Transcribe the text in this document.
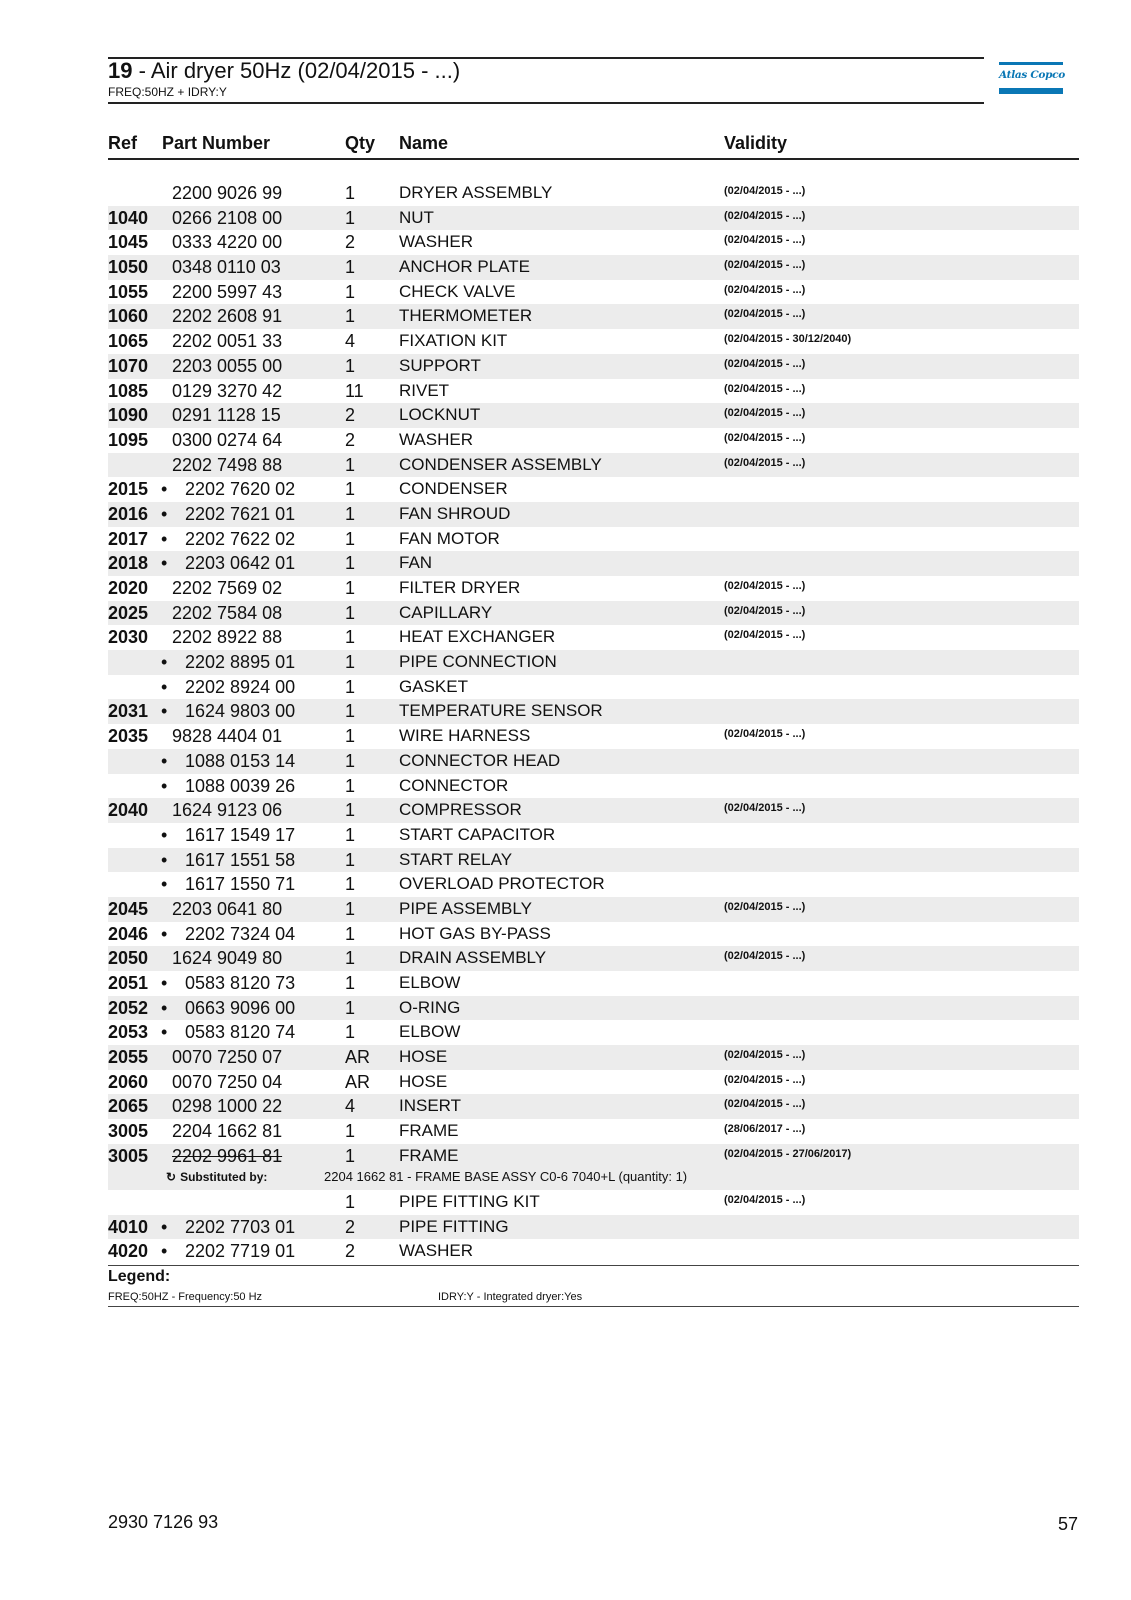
19 - Air dryer 50Hz (02/04/2015 - ...)
FREQ:50HZ + IDRY:Y
Atlas Copco
Ref Part Number	Qty Name	Validity
2200 9026 99	1	DRYER ASSEMBLY	(02/04/2015 - ...)
1040 0266 2108 00	1	NUT	(02/04/2015 - ...)
1045 0333 4220 00	2	WASHER	(02/04/2015 - ...)
1050 0348 0110 03	1	ANCHOR PLATE	(02/04/2015 - ...)
1055 2200 5997 43	1	CHECK VALVE	(02/04/2015 - ...)
1060 2202 2608 91	1	THERMOMETER	(02/04/2015 - ...)
1065 2202 0051 33	4	FIXATION KIT	(02/04/2015 - 30/12/2040)
1070 2203 0055 00	1	SUPPORT	(02/04/2015 - ...)
1085 0129 3270 42	11 RIVET	(02/04/2015 - ...)
1090 0291 1128 15	2	LOCKNUT	(02/04/2015 - ...)
1095 0300 0274 64	2	WASHER	(02/04/2015 - ...)
2202 7498 88	1	CONDENSER ASSEMBLY	(02/04/2015 - ...)
2015 • 2202 7620 02	1	CONDENSER
2016 • 2202 7621 01	1	FAN SHROUD
2017 • 2202 7622 02	1	FAN MOTOR
2018 • 2203 0642 01	1	FAN
2020 2202 7569 02	1	FILTER DRYER	(02/04/2015 - ...)
2025 2202 7584 08	1	CAPILLARY	(02/04/2015 - ...)
2030 2202 8922 88	1	HEAT EXCHANGER	(02/04/2015 - ...)
• 2202 8895 01	1	PIPE CONNECTION
• 2202 8924 00	1	GASKET
2031 • 1624 9803 00	1	TEMPERATURE SENSOR
2035 9828 4404 01	1	WIRE HARNESS	(02/04/2015 - ...)
• 1088 0153 14	1	CONNECTOR HEAD
• 1088 0039 26	1	CONNECTOR
2040 1624 9123 06	1	COMPRESSOR	(02/04/2015 - ...)
• 1617 1549 17	1	START CAPACITOR
• 1617 1551 58	1	START RELAY
• 1617 1550 71	1	OVERLOAD PROTECTOR
2045 2203 0641 80	1	PIPE ASSEMBLY	(02/04/2015 - ...)
2046 • 2202 7324 04	1	HOT GAS BY-PASS
2050 1624 9049 80	1	DRAIN ASSEMBLY	(02/04/2015 - ...)
2051 • 0583 8120 73	1	ELBOW
2052 • 0663 9096 00	1	O-RING
2053 • 0583 8120 74	1	ELBOW
2055 0070 7250 07	AR HOSE	(02/04/2015 - ...)
2060 0070 7250 04	AR HOSE	(02/04/2015 - ...)
2065 0298 1000 22	4	INSERT	(02/04/2015 - ...)
3005 2204 1662 81	1	FRAME	(28/06/2017 - ...)
3005 2202 9961 81	1	FRAME	(02/04/2015 - 27/06/2017)
↻ Substituted by:	2204 1662 81 - FRAME BASE ASSY C0-6 7040+L (quantity: 1)
1	PIPE FITTING KIT	(02/04/2015 - ...)
4010 • 2202 7703 01	2	PIPE FITTING
4020 • 2202 7719 01	2	WASHER
Legend:
FREQ:50HZ - Frequency:50 Hz	IDRY:Y - Integrated dryer:Yes
2930 7126 93	57
